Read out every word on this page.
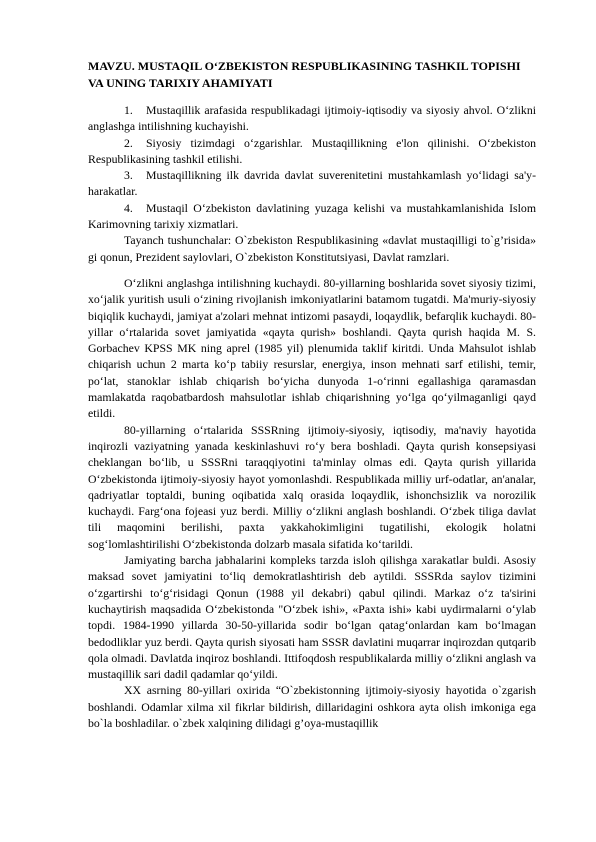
MAVZU. MUSTAQIL O‘ZBEKISTON RESPUBLIKASINING TASHKIL TOPISHI VA UNING TARIXIY AHAMIYATI

1. Mustaqillik arafasida respublikadagi ijtimoiy-iqtisodiy va siyosiy ahvol. O‘zlikni anglashga intilishning kuchayishi.

2. Siyosiy tizimdagi o‘zgarishlar. Mustaqillikning e'lon qilinishi. O‘zbekiston Respublikasining tashkil etilishi.

3. Mustaqillikning ilk davrida davlat suverenitetini mustahkamlash yo‘lidagi sa'y-harakatlar.

4. Mustaqil O‘zbekiston davlatining yuzaga kelishi va mustahkamlanishida Islom Karimovning tarixiy xizmatlari.

Tayanch tushunchalar: O`zbekiston Respublikasining «davlat mustaqilligi to`g’risida» gi qonun, Prezident saylovlari, O`zbekiston Konstitutsiyasi, Davlat ramzlari.

O‘zlikni anglashga intilishning kuchaydi. 80-yillarning boshlarida sovet siyosiy tizimi, xo‘jalik yuritish usuli o‘zining rivojlanish imkoniyatlarini batamom tugatdi. Ma'muriy-siyosiy biqiqlik kuchaydi, jamiyat a'zolari mehnat intizomi pasaydi, loqaydlik, befarqlik kuchaydi. 80-yillar o‘rtalarida sovet jamiyatida «qayta qurish» boshlandi. Qayta qurish haqida M. S. Gorbachev KPSS MK ning aprel (1985 yil) plenumida taklif kiritdi. Unda Mahsulot ishlab chiqarish uchun 2 marta ko‘p tabiiy resurslar, energiya, inson mehnati sarf etilishi, temir, po‘lat, stanoklar ishlab chiqarish bo‘yicha dunyoda 1-o‘rinni egallashiga qaramasdan mamlakatda raqobatbardosh mahsulotlar ishlab chiqarishning yo‘lga qo‘yilmaganligi qayd etildi.

80-yillarning o‘rtalarida SSSRning ijtimoiy-siyosiy, iqtisodiy, ma'naviy hayotida inqirozli vaziyatning yanada keskinlashuvi ro‘y bera boshladi. Qayta qurish konsepsiyasi cheklangan bo‘lib, u SSSRni taraqqiyotini ta'minlay olmas edi. Qayta qurish yillarida O‘zbekistonda ijtimoiy-siyosiy hayot yomonlashdi. Respublikada milliy urf-odatlar, an'analar, qadriyatlar toptaldi, buning oqibatida xalq orasida loqaydlik, ishonchsizlik va norozilik kuchaydi. Farg‘ona fojeasi yuz berdi. Milliy o‘zlikni anglash boshlandi. O‘zbek tiliga davlat tili maqomini berilishi, paxta yakkahokimligini tugatilishi, ekologik holatni sog‘lomlashtirilishi O‘zbekistonda dolzarb masala sifatida ko‘tarildi.

Jamiyating barcha jabhalarini kompleks tarzda isloh qilishga xarakatlar buldi. Asosiy maksad sovet jamiyatini to‘liq demokratlashtirish deb aytildi. SSSRda saylov tizimini o‘zgartirshi to‘g‘risidagi Qonun (1988 yil dekabri) qabul qilindi. Markaz o‘z ta'sirini kuchaytirish maqsadida O‘zbekistonda "O‘zbek ishi», «Paxta ishi» kabi uydirmalarni o‘ylab topdi. 1984-1990 yillarda 30-50-yillarida sodir bo‘lgan qatag‘onlardan kam bo‘lmagan bedodliklar yuz berdi. Qayta qurish siyosati ham SSSR davlatini muqarrar inqirozdan qutqarib qola olmadi. Davlatda inqiroz boshlandi. Ittifoqdosh respublikalarda milliy o‘zlikni anglash va mustaqillik sari dadil qadamlar qo‘yildi.

XX asrning 80-yillari oxirida “O`zbekistonning ijtimoiy-siyosiy hayotida o`zgarish boshlandi. Odamlar xilma xil fikrlar bildirish, dillaridagini oshkora ayta olish imkoniga ega bo`la boshladilar. o`zbek xalqining dilidagi g’oya-mustaqillik
